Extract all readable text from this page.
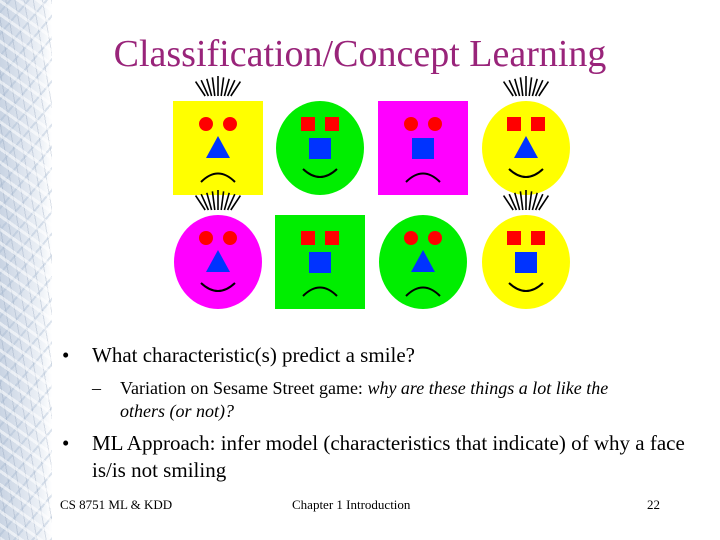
Classification/Concept Learning
•	What characteristic(s) predict a smile?
–	Variation on Sesame Street game: why are these things a lot like the others (or not)?
•	ML Approach: infer model (characteristics that indicate) of why a face is/is not smiling
CS 8751 ML & KDD	Chapter 1 Introduction	22
